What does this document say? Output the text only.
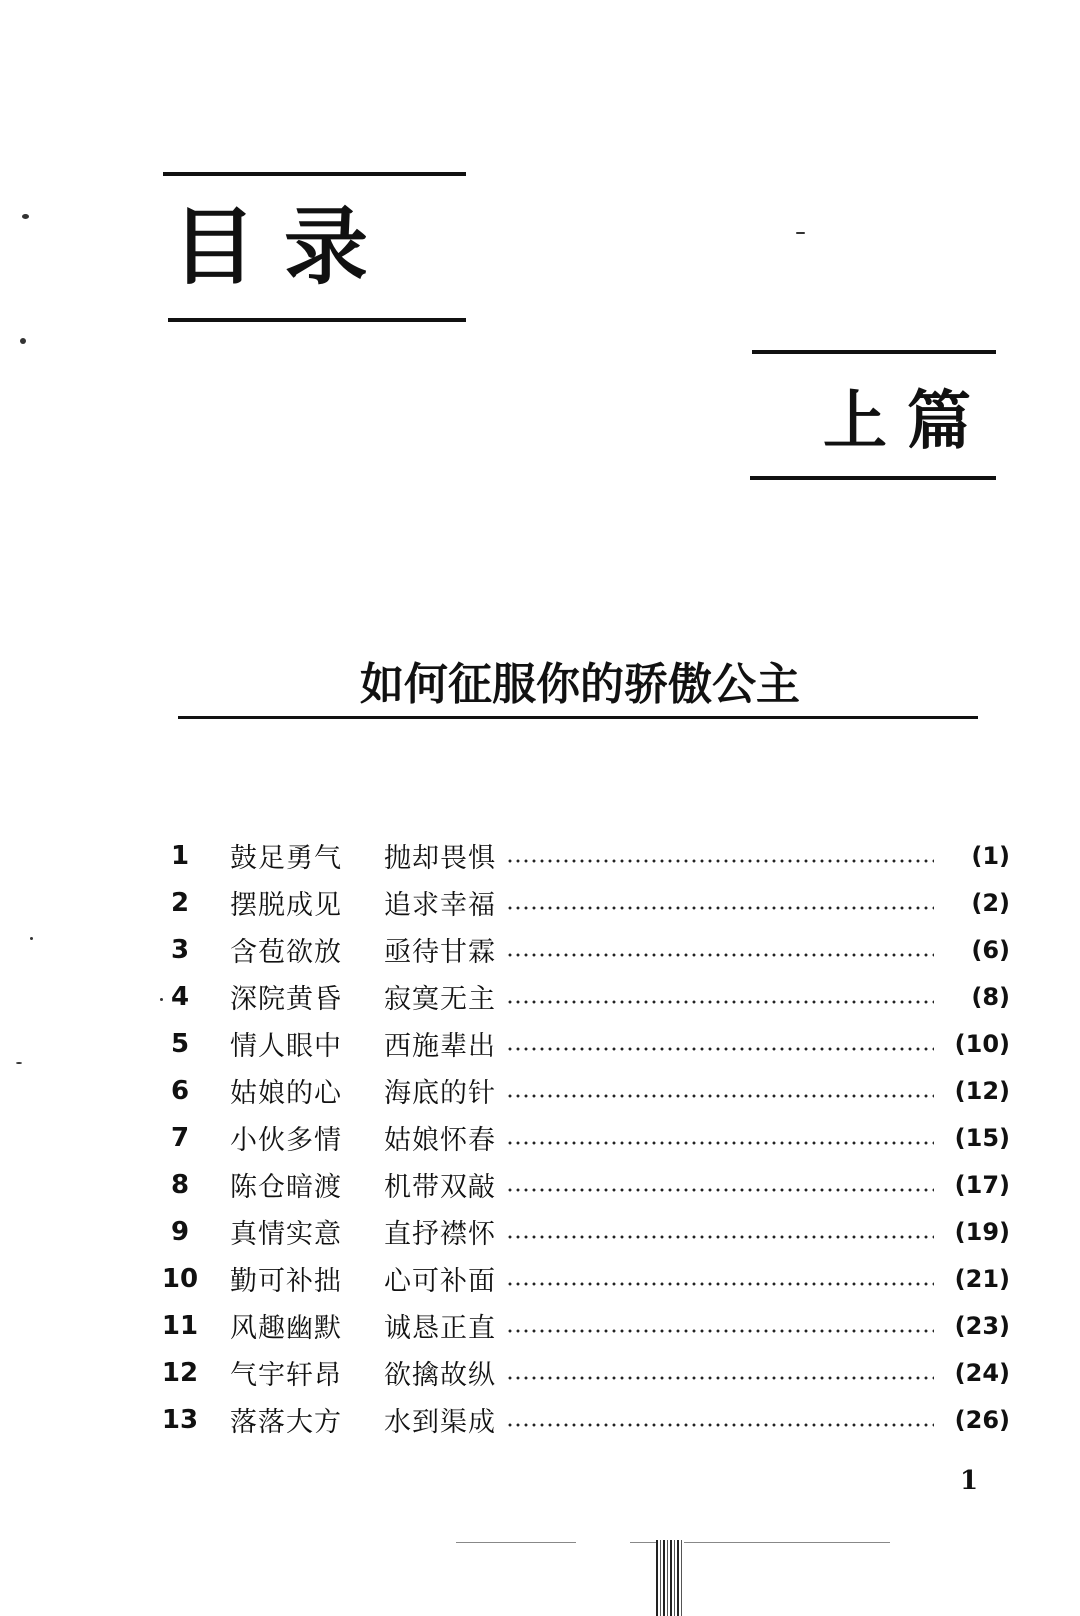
目录
上篇
如何征服你的骄傲公主
1	鼓足勇气	抛却畏惧	(1)
2	摆脱成见	追求幸福	(2)
3	含苞欲放	亟待甘霖	(6)
4	深院黄昏	寂寞无主	(8)
5	情人眼中	西施辈出	(10)
6	姑娘的心	海底的针	(12)
7	小伙多情	姑娘怀春	(15)
8	陈仓暗渡	机带双敲	(17)
9	真情实意	直抒襟怀	(19)
10 勤可补拙	心可补面	(21)
11 风趣幽默	诚恳正直	(23)
12 气宇轩昂	欲擒故纵	(24)
13 落落大方	水到渠成	(26)
1
